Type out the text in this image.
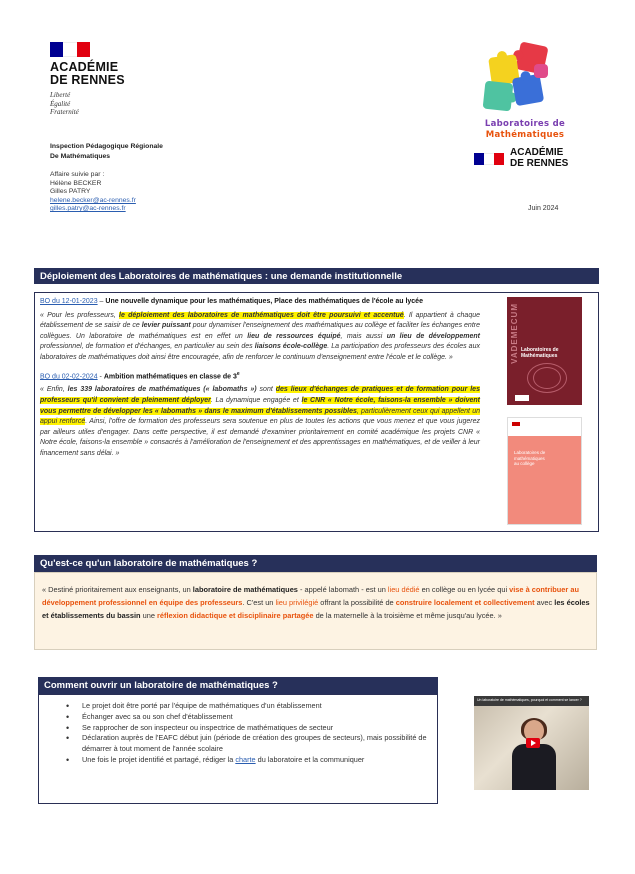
ACADÉMIE
DE RENNES
Liberté
Égalité
Fraternité
Inspection Pédagogique Régionale
De Mathématiques
Affaire suivie par :
Hélène BECKER
Gilles PATRY
helene.becker@ac-rennes.fr
gilles.patry@ac-rennes.fr	Juin 2024
Laboratoires de
Mathématiques
ACADÉMIE
DE RENNES
Déploiement des Laboratoires de mathématiques : une demande institutionnelle

BO du 12-01-2023 – Une nouvelle dynamique pour les mathématiques, Place des mathématiques de l'école au lycée

« Pour les professeurs, le déploiement des laboratoires de mathématiques doit être poursuivi et accentué. Il appartient à chaque établissement de se saisir de ce levier puissant pour dynamiser l'enseignement des mathématiques au collège et faciliter les échanges entre collègues. Un laboratoire de mathématiques est en effet un lieu de ressources équipé, mais aussi un lieu de développement professionnel, de formation et d'échanges, en particulier au sein des liaisons école-collège. La participation des professeurs des écoles aux laboratoires de mathématiques doit ainsi être encouragée, afin de renforcer le continuum d'enseignement entre l'école et le collège. »

BO du 02-02-2024 - Ambition mathématiques en classe de 3e

« Enfin, les 339 laboratoires de mathématiques (« labomaths ») sont des lieux d'échanges de pratiques et de formation pour les professeurs qu'il convient de pleinement déployer. La dynamique engagée et le CNR « Notre école, faisons-la ensemble » doivent vous permettre de développer les « labomaths » dans le maximum d'établissements possibles, particulièrement ceux qui appellent un appui renforcé. Ainsi, l'offre de formation des professeurs sera soutenue en plus de toutes les actions que vous menez et que vous jugerez par ailleurs utiles d'engager. Dans cette perspective, il est demandé d'examiner prioritairement en comité académique les projets CNR « Notre école, faisons-la ensemble » consacrés à l'amélioration de l'enseignement et des apprentissages en mathématiques, et de veiller à leur financement sans délai. »

VADEMECUM Laboratoires de Mathématiques
Laboratoires de
mathématiques
au collège
Qu'est-ce qu'un laboratoire de mathématiques ?
« Destiné prioritairement aux enseignants, un laboratoire de mathématiques - appelé labomath - est un lieu dédié en collège ou en lycée qui vise à contribuer au développement professionnel en équipe des professeurs. C'est un lieu privilégié offrant la possibilité de construire localement et collectivement avec les écoles et établissements du bassin une réflexion didactique et disciplinaire partagée de la maternelle à la troisième et même jusqu'au lycée. »
Comment ouvrir un laboratoire de mathématiques ?
• Le projet doit être porté par l'équipe de mathématiques d'un établissement
• Échanger avec sa ou son chef d'établissement
• Se rapprocher de son inspecteur ou inspectrice de mathématiques de secteur
• Déclaration auprès de l'EAFC début juin (période de création des groupes de secteurs), mais possibilité de démarrer à tout moment de l'année scolaire
• Une fois le projet identifié et partagé, rédiger la charte du laboratoire et la communiquer
Un laboratoire de mathématiques, pourquoi et comment se lancer ?
